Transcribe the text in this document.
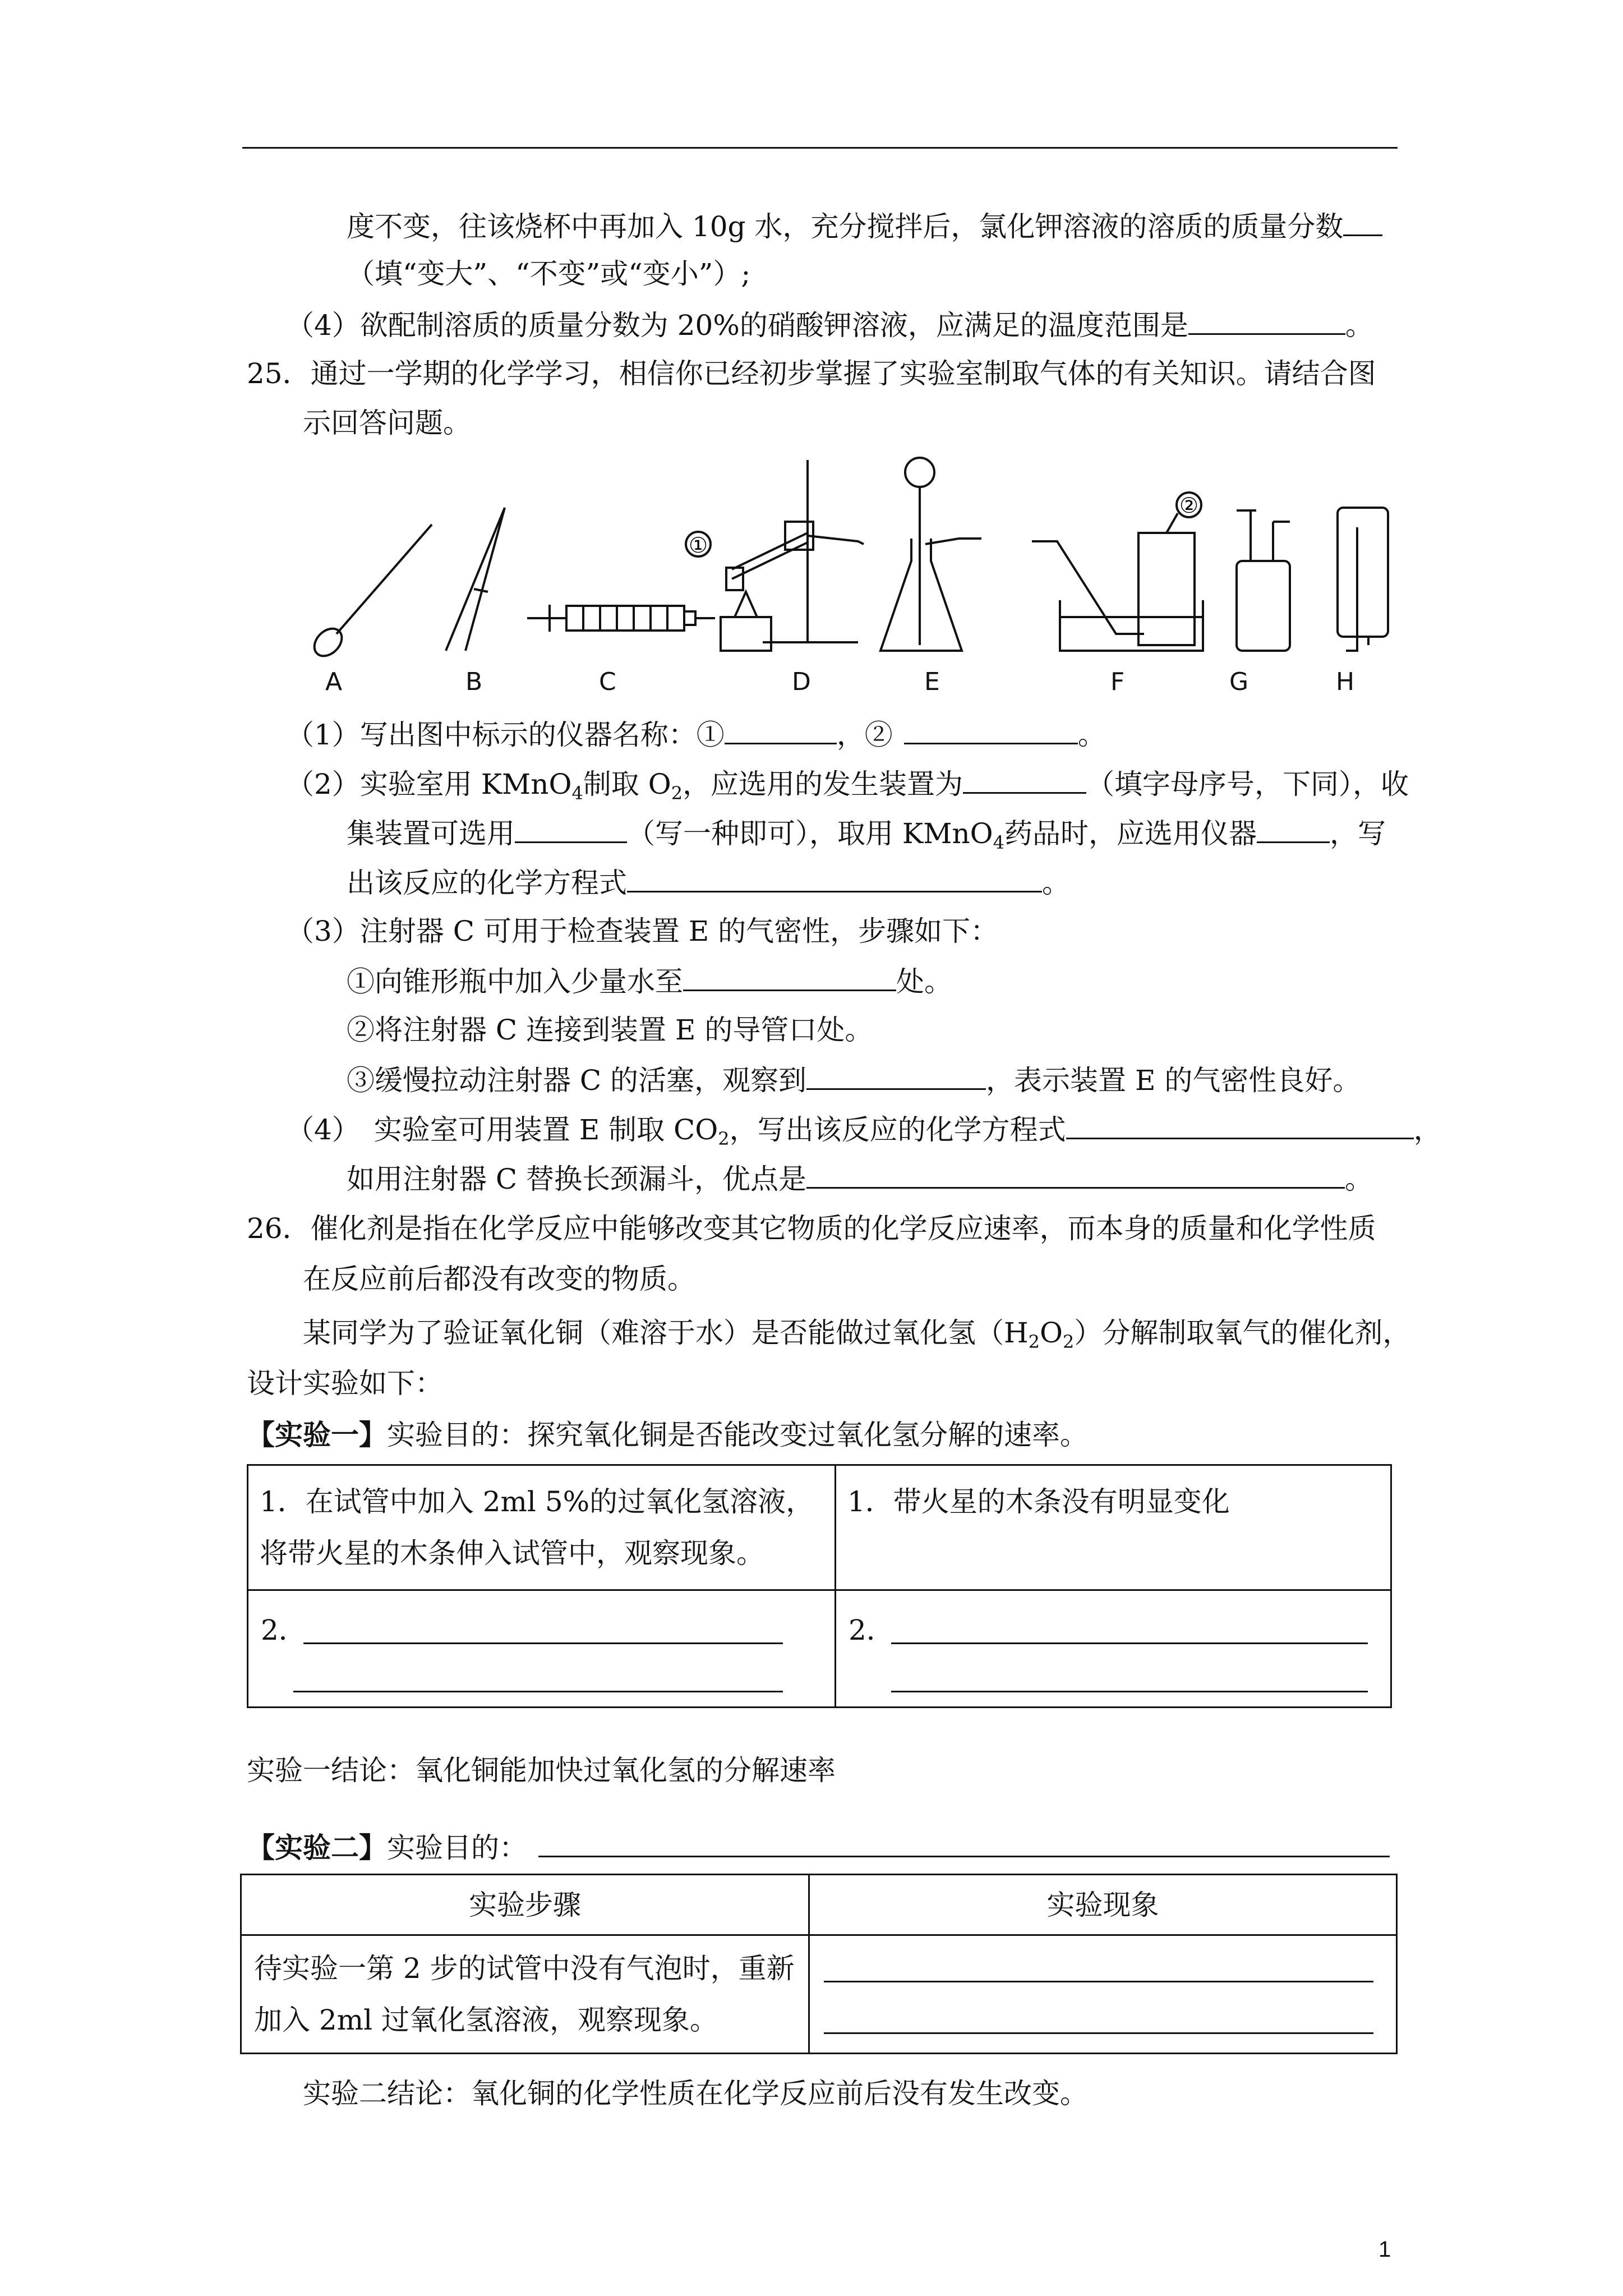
度不变，往该烧杯中再加入 10g 水，充分搅拌后，氯化钾溶液的溶质的质量分数
（填“变大”、“不变”或“变小”）;
（4）欲配制溶质的质量分数为 20%的硝酸钾溶液，应满足的温度范围是	。
25．通过一学期的化学学习，相信你已经初步掌握了实验室制取气体的有关知识。请结合图
示回答问题。
①
②
A	B	C	D	E	F	G	H
（1）写出图中标示的仪器名称：①	，②	。
（2）实验室用 KMnO$_4$制取 $O_2$，应选用的发生装置为	（填字母序号，下同），收
集装置可选用	（写一种即可），取用 KMnO$_4$药品时，应选用仪器	，写
出该反应的化学方程式	。
（3）注射器 C 可用于检查装置 E 的气密性，步骤如下：
①向锥形瓶中加入少量水至	处。
②将注射器 C 连接到装置 E 的导管口处。
③缓慢拉动注射器 C 的活塞，观察到	，表示装置 E 的气密性良好。
（4）　实验室可用装置 E 制取 $CO_2$，写出该反应的化学方程式	，
如用注射器 C 替换长颈漏斗，优点是	。
26．催化剂是指在化学反应中能够改变其它物质的化学反应速率，而本身的质量和化学性质
在反应前后都没有改变的物质。
某同学为了验证氧化铜（难溶于水）是否能做过氧化氢$(H_2O_2)$分解制取氧气的催化剂，
设计实验如下：
【实验一】实验目的：探究氧化铜是否能改变过氧化氢分解的速率。
1．在试管中加入 2ml 5%的过氧化氢溶液，将带火星的木条伸入试管中，观察现象。	1．带火星的木条没有明显变化

2．	2．
实验一结论：氧化铜能加快过氧化氢的分解速率
【实验二】实验目的：
实验步骤	实验现象

待实验一第 2 步的试管中没有气泡时，重新加入 2ml 过氧化氢溶液，观察现象。	

实验二结论：氧化铜的化学性质在化学反应前后没有发生改变。
1
